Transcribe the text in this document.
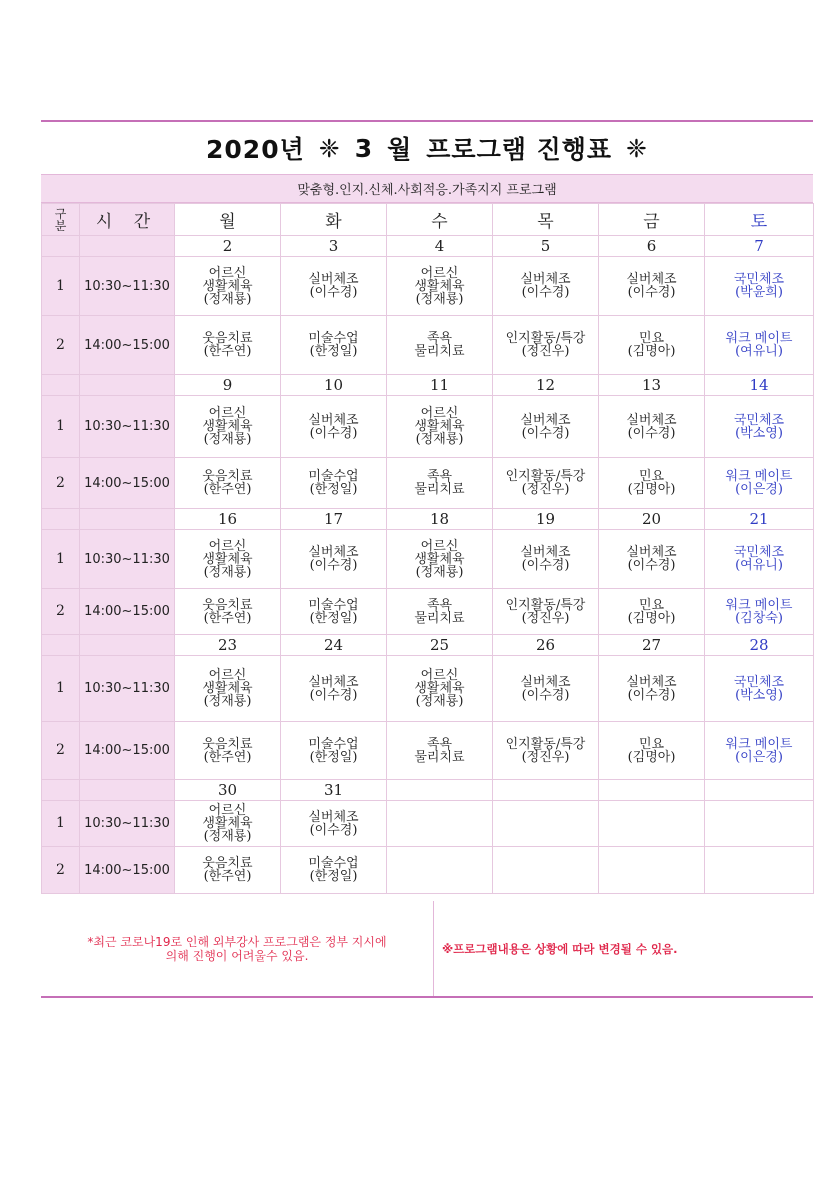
2020년 ❈ 3 월 프로그램 진행표 ❈
맞춤형.인지.신체.사회적응.가족지지 프로그램
구
분	시 간	월	화	수	목	금	토
		2	3	4	5	6	7
1	10:30~11:30	어르신
생활체육
(정재룡)	실버체조
(이수경)	어르신
생활체육
(정재룡)	실버체조
(이수경)	실버체조
(이수경)	국민체조
(박윤희)
2	14:00~15:00	웃음치료
(한주연)	미술수업
(한정일)	족욕
물리치료	인지활동/특강
(정진우)	민요
(김명아)	워크 메이트
(여유니)
		9	10	11	12	13	14
1	10:30~11:30	어르신
생활체육
(정재룡)	실버체조
(이수경)	어르신
생활체육
(정재룡)	실버체조
(이수경)	실버체조
(이수경)	국민체조
(박소영)
2	14:00~15:00	웃음치료
(한주연)	미술수업
(한정일)	족욕
물리치료	인지활동/특강
(정진우)	민요
(김명아)	워크 메이트
(이은경)
		16	17	18	19	20	21
1	10:30~11:30	어르신
생활체육
(정재룡)	실버체조
(이수경)	어르신
생활체육
(정재룡)	실버체조
(이수경)	실버체조
(이수경)	국민체조
(여유니)
2	14:00~15:00	웃음치료
(한주연)	미술수업
(한정일)	족욕
물리치료	인지활동/특강
(정진우)	민요
(김명아)	워크 메이트
(김창숙)
		23	24	25	26	27	28
1	10:30~11:30	어르신
생활체육
(정재룡)	실버체조
(이수경)	어르신
생활체육
(정재룡)	실버체조
(이수경)	실버체조
(이수경)	국민체조
(박소영)
2	14:00~15:00	웃음치료
(한주연)	미술수업
(한정일)	족욕
물리치료	인지활동/특강
(정진우)	민요
(김명아)	워크 메이트
(이은경)
		30	31				
1	10:30~11:30	어르신
생활체육
(정재룡)	실버체조
(이수경)				
2	14:00~15:00	웃음치료
(한주연)	미술수업
(한정일)				
*최근 코로나19로 인해 외부강사 프로그램은 정부 지시에
의해 진행이 어려울수 있음.	※프로그램내용은 상황에 따라 변경될 수 있음.
